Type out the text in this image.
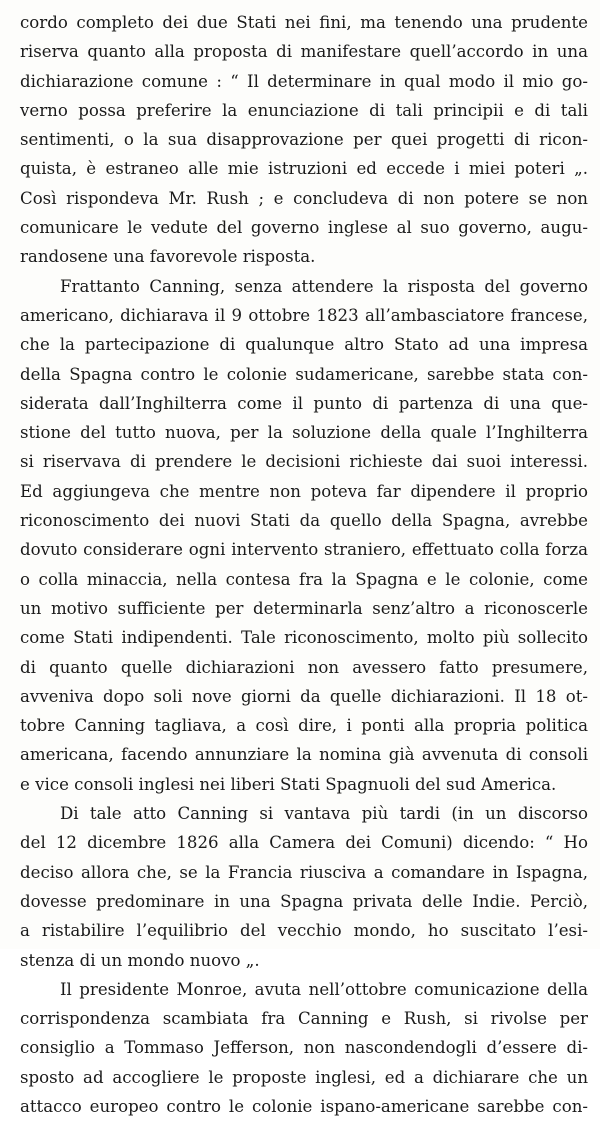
cordo completo dei due Stati nei fini, ma tenendo una prudente
riserva quanto alla proposta di manifestare quell’accordo in una
dichiarazione comune : “ Il determinare in qual modo il mio go-
verno possa preferire la enunciazione di tali principii e di tali
sentimenti, o la sua disapprovazione per quei progetti di ricon-
quista, è estraneo alle mie istruzioni ed eccede i miei poteri „.
Così rispondeva Mr. Rush ; e concludeva di non potere se non
comunicare le vedute del governo inglese al suo governo, augu-
randosene una favorevole risposta.
Frattanto Canning, senza attendere la risposta del governo
americano, dichiarava il 9 ottobre 1823 all’ambasciatore francese,
che la partecipazione di qualunque altro Stato ad una impresa
della Spagna contro le colonie sudamericane, sarebbe stata con-
siderata dall’Inghilterra come il punto di partenza di una que-
stione del tutto nuova, per la soluzione della quale l’Inghilterra
si riservava di prendere le decisioni richieste dai suoi interessi.
Ed aggiungeva che mentre non poteva far dipendere il proprio
riconoscimento dei nuovi Stati da quello della Spagna, avrebbe
dovuto considerare ogni intervento straniero, effettuato colla forza
o colla minaccia, nella contesa fra la Spagna e le colonie, come
un motivo sufficiente per determinarla senz’altro a riconoscerle
come Stati indipendenti. Tale riconoscimento, molto più sollecito
di quanto quelle dichiarazioni non avessero fatto presumere,
avveniva dopo soli nove giorni da quelle dichiarazioni. Il 18 ot-
tobre Canning tagliava, a così dire, i ponti alla propria politica
americana, facendo annunziare la nomina già avvenuta di consoli
e vice consoli inglesi nei liberi Stati Spagnuoli del sud America.
Di tale atto Canning si vantava più tardi (in un discorso
del 12 dicembre 1826 alla Camera dei Comuni) dicendo: “ Ho
deciso allora che, se la Francia riusciva a comandare in Ispagna,
dovesse predominare in una Spagna privata delle Indie. Perciò,
a ristabilire l’equilibrio del vecchio mondo, ho suscitato l’esi-
stenza di un mondo nuovo „.
Il presidente Monroe, avuta nell’ottobre comunicazione della
corrispondenza scambiata fra Canning e Rush, si rivolse per
consiglio a Tommaso Jefferson, non nascondendogli d’essere di-
sposto ad accogliere le proposte inglesi, ed a dichiarare che un
attacco europeo contro le colonie ispano-americane sarebbe con-
